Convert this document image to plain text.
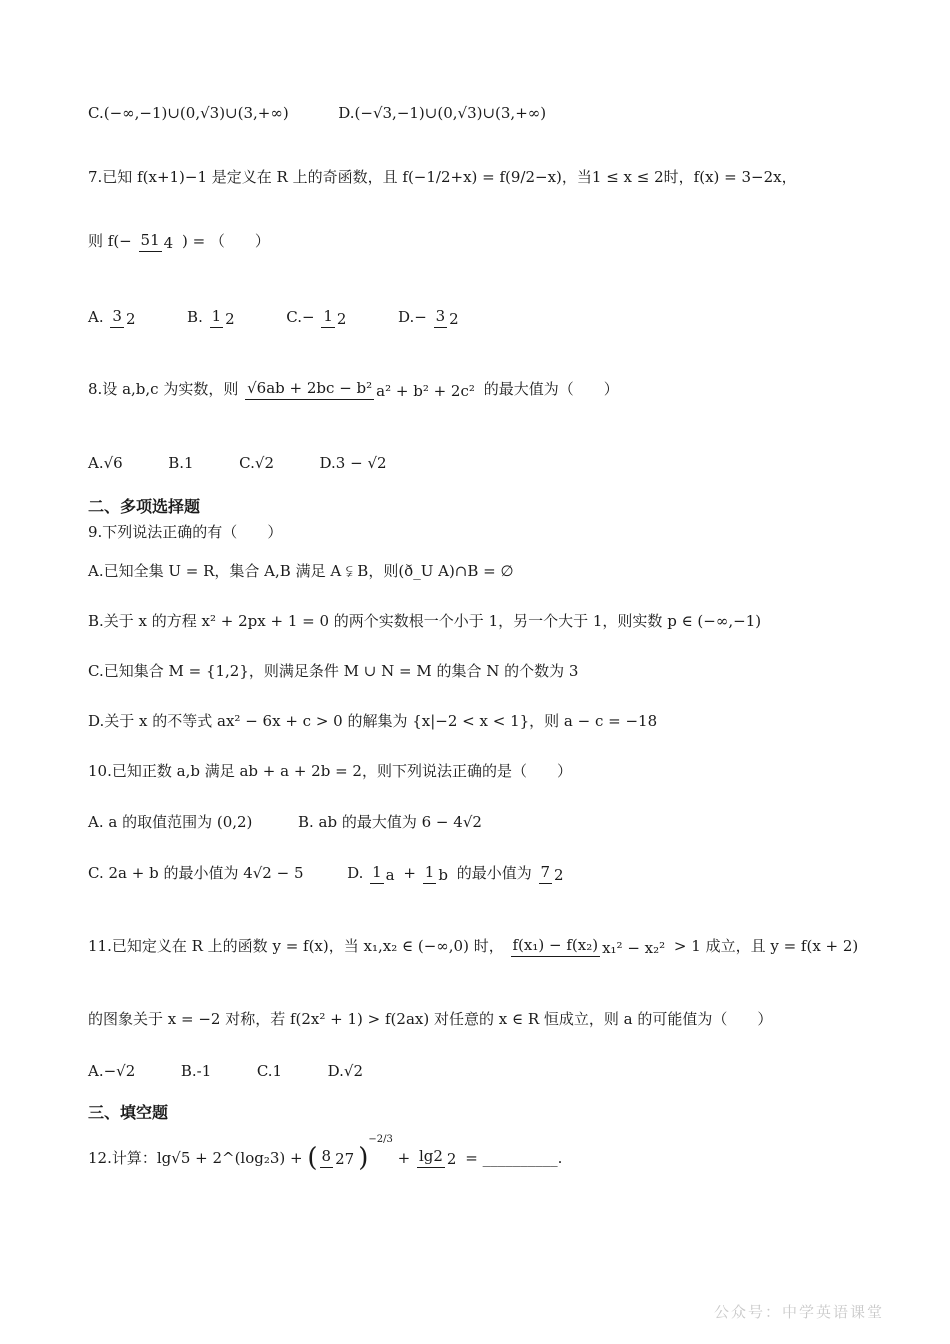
C.(−∞,−1)∪(0,√3)∪(3,+∞)	D.(−√3,−1)∪(0,√3)∪(3,+∞)
7.已知 f(x+1)−1 是定义在 R 上的奇函数，且 f(−1/2+x) = f(9/2−x)，当1 ≤ x ≤ 2时，f(x) = 3−2x，
则 f(− 51 4 ) = （　　）
A. 3 2	B. 1 2	C.− 1 2	D.− 3 2
8.设 a,b,c 为实数，则 √6ab + 2bc − b² a² + b² + 2c² 的最大值为（　　）
A.√6	B.1	C.√2	D.3 − √2
二、多项选择题
9.下列说法正确的有（　　）
A.已知全集 U = R，集合 A,B 满足 A ⫋ B，则(ð_U A)∩B = ∅
B.关于 x 的方程 x² + 2px + 1 = 0 的两个实数根一个小于 1，另一个大于 1，则实数 p ∈ (−∞,−1)
C.已知集合 M = {1,2}，则满足条件 M ∪ N = M 的集合 N 的个数为 3
D.关于 x 的不等式 ax² − 6x + c > 0 的解集为 {x|−2 < x < 1}，则 a − c = −18
10.已知正数 a,b 满足 ab + a + 2b = 2，则下列说法正确的是（　　）
A. a 的取值范围为 (0,2)	B. ab 的最大值为 6 − 4√2
C. 2a + b 的最小值为 4√2 − 5	D. 1 a + 1 b 的最小值为 7 2
11.已知定义在 R 上的函数 y = f(x)，当 x₁,x₂ ∈ (−∞,0) 时， f(x₁) − f(x₂) x₁² − x₂² > 1 成立，且 y = f(x + 2)
的图象关于 x = −2 对称，若 f(2x² + 1) > f(2ax) 对任意的 x ∈ R 恒成立，则 a 的可能值为（　　）
A.−√2	B.-1	C.1	D.√2
三、填空题
12.计算：lg√5 + 2^(log₂3) + ( 8 27 )$^{-2/3}$ + lg2 2 = __________.
公众号：中学英语课堂
